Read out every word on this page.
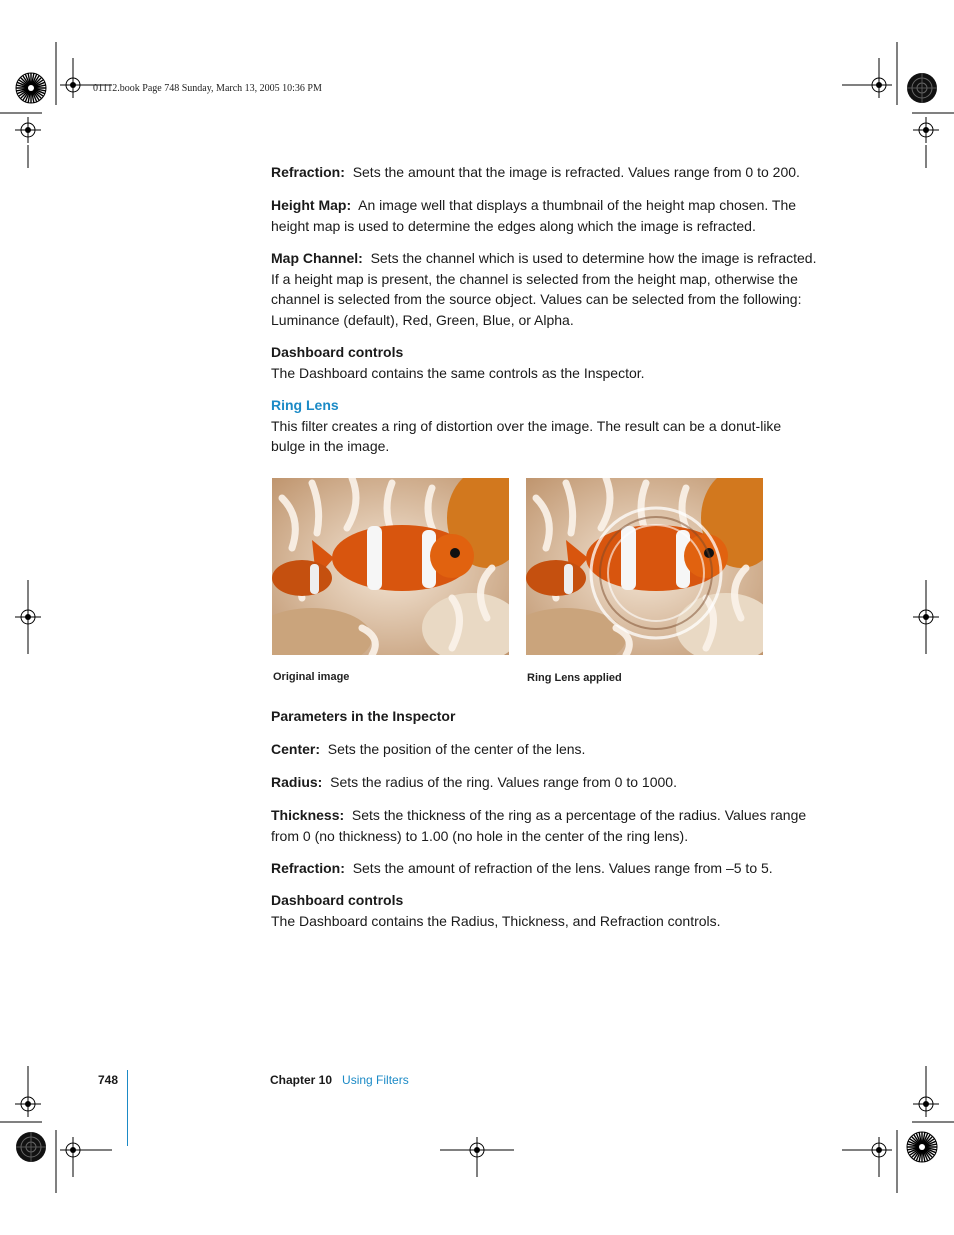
01112.book Page 748 Sunday, March 13, 2005 10:36 PM

Refraction: Sets the amount that the image is refracted. Values range from 0 to 200.

Height Map: An image well that displays a thumbnail of the height map chosen. The height map is used to determine the edges along which the image is refracted.

Map Channel: Sets the channel which is used to determine how the image is refracted. If a height map is present, the channel is selected from the height map, otherwise the channel is selected from the source object. Values can be selected from the following: Luminance (default), Red, Green, Blue, or Alpha.

Dashboard controls

The Dashboard contains the same controls as the Inspector.

Ring Lens

This filter creates a ring of distortion over the image. The result can be a donut-like bulge in the image.

Original image	Ring Lens applied

Parameters in the Inspector

Center: Sets the position of the center of the lens.

Radius: Sets the radius of the ring. Values range from 0 to 1000.

Thickness: Sets the thickness of the ring as a percentage of the radius. Values range from 0 (no thickness) to 1.00 (no hole in the center of the ring lens).

Refraction: Sets the amount of refraction of the lens. Values range from –5 to 5.

Dashboard controls

The Dashboard contains the Radius, Thickness, and Refraction controls.

748	Chapter 10 Using Filters
